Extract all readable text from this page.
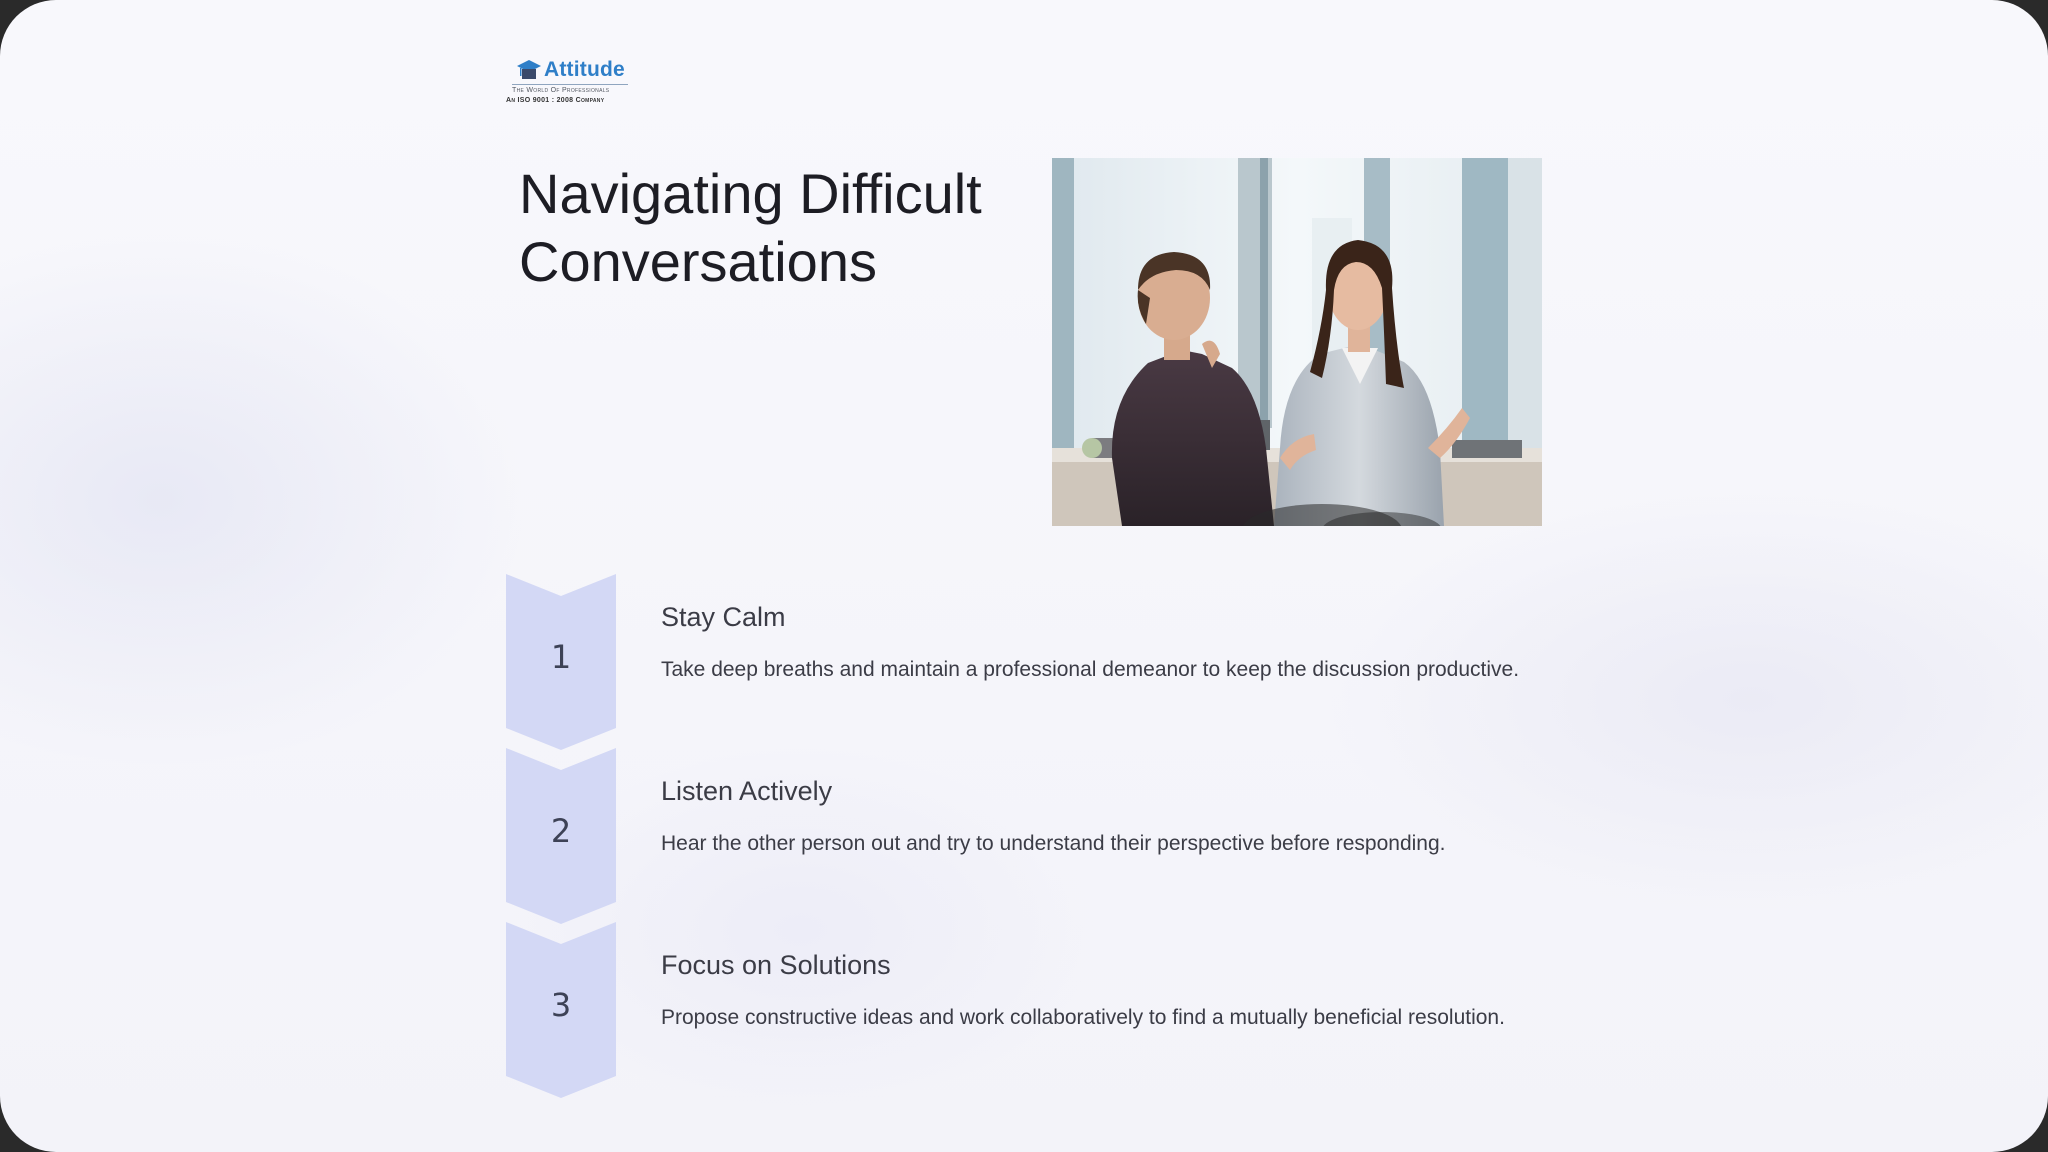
Attitude
The World Of Professionals
An ISO 9001 : 2008 Company
Navigating Difficult
Conversations
1
Stay Calm
Take deep breaths and maintain a professional demeanor to keep the discussion productive.
2
Listen Actively
Hear the other person out and try to understand their perspective before responding.
3
Focus on Solutions
Propose constructive ideas and work collaboratively to find a mutually beneficial resolution.
